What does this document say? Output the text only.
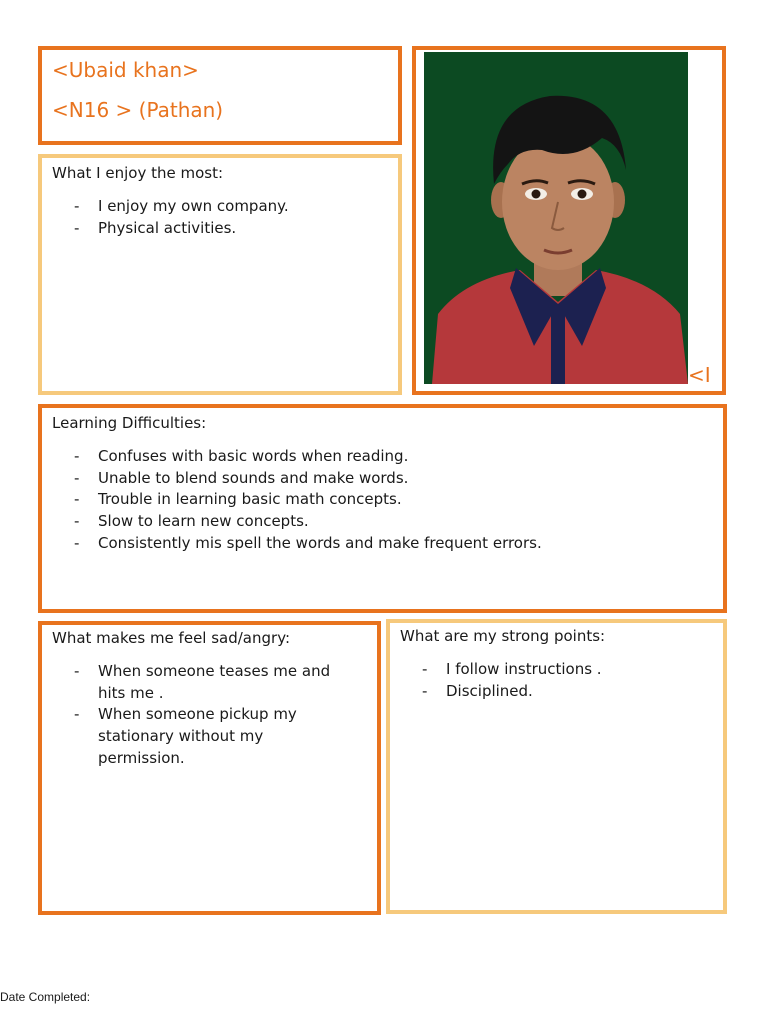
<Ubaid khan>
<N16 > (Pathan)

What I enjoy the most:

- I enjoy my own company.
- Physical activities.
<I

Learning Difficulties:

- Confuses with basic words when reading.
- Unable to blend sounds and make words.
- Trouble in learning basic math concepts.
- Slow to learn new concepts.
- Consistently mis spell the words and make frequent errors.

What makes me feel sad/angry:

- When someone teases me and hits me .
- When someone pickup my stationary without my permission.

What are my strong points:

- I follow instructions .
- Disciplined.
Date Completed:
